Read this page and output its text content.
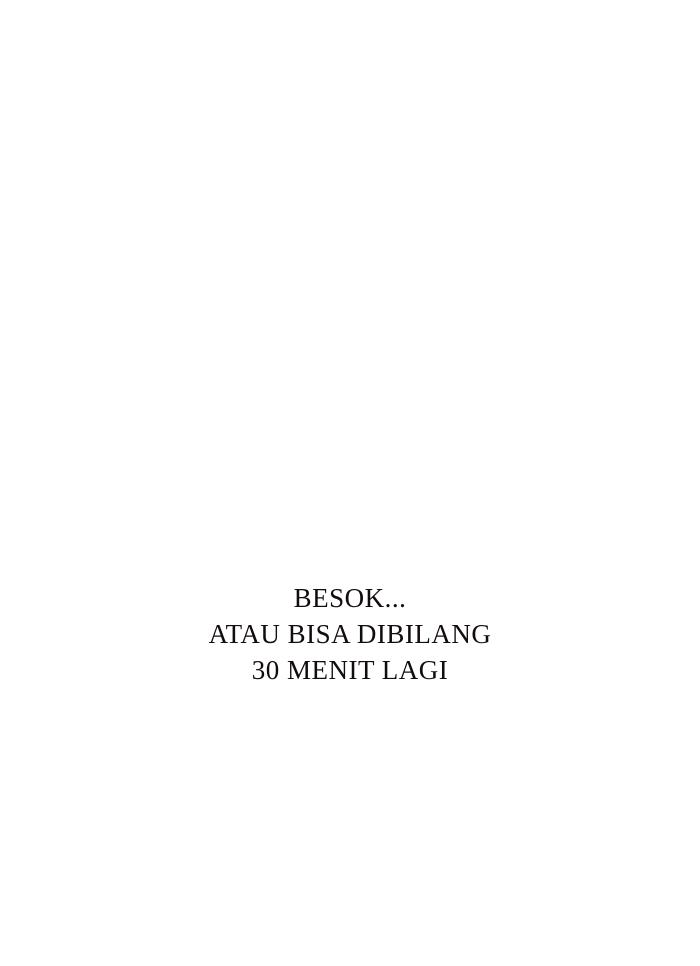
BESOK...
ATAU BISA DIBILANG
30 MENIT LAGI
